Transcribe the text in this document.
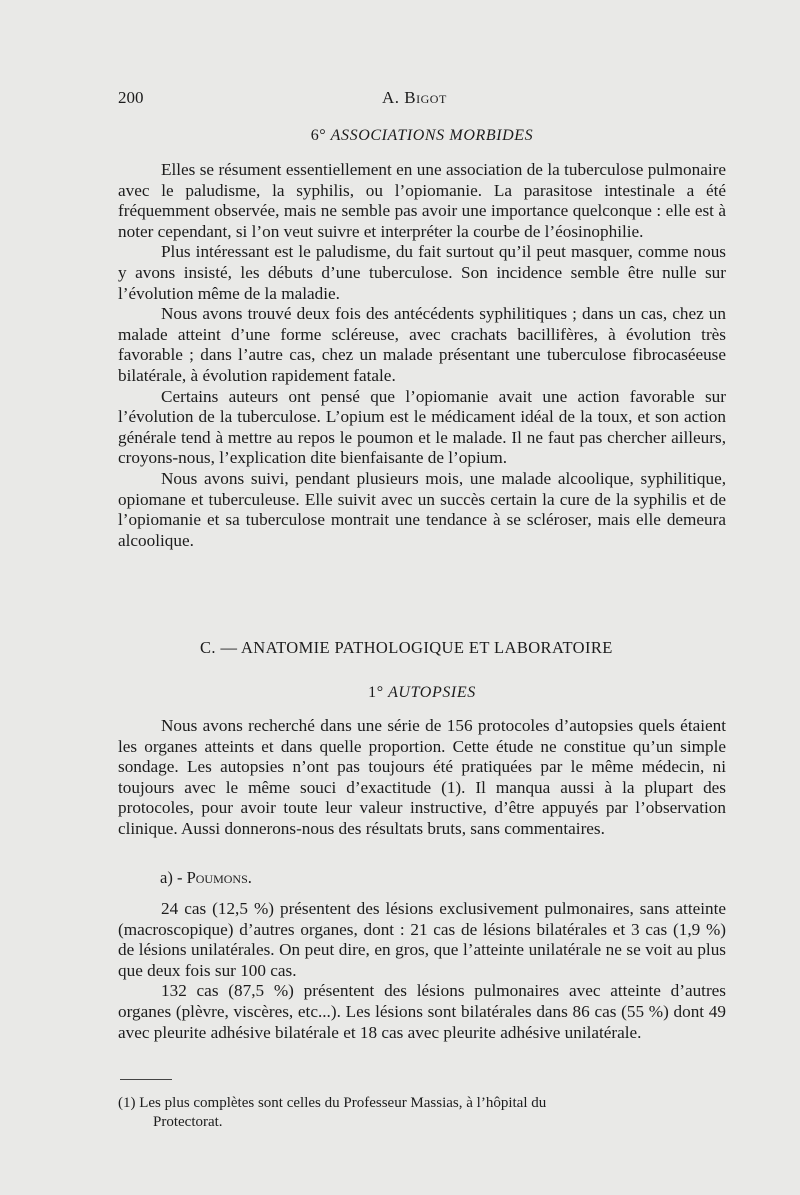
200	A. Bigot
6° ASSOCIATIONS MORBIDES

Elles se résument essentiellement en une association de la tuberculose pulmonaire avec le paludisme, la syphilis, ou l’opiomanie. La parasitose intestinale a été fréquemment observée, mais ne semble pas avoir une importance quelconque : elle est à noter cependant, si l’on veut suivre et interpréter la courbe de l’éosinophilie.

Plus intéressant est le paludisme, du fait surtout qu’il peut masquer, comme nous y avons insisté, les débuts d’une tuberculose. Son incidence semble être nulle sur l’évolution même de la maladie.

Nous avons trouvé deux fois des antécédents syphilitiques ; dans un cas, chez un malade atteint d’une forme scléreuse, avec crachats bacillifères, à évolution très favorable ; dans l’autre cas, chez un malade présentant une tuberculose fibrocaséeuse bilatérale, à évolution rapidement fatale.

Certains auteurs ont pensé que l’opiomanie avait une action favorable sur l’évolution de la tuberculose. L’opium est le médicament idéal de la toux, et son action générale tend à mettre au repos le poumon et le malade. Il ne faut pas chercher ailleurs, croyons-nous, l’explication dite bienfaisante de l’opium.

Nous avons suivi, pendant plusieurs mois, une malade alcoolique, syphilitique, opiomane et tuberculeuse. Elle suivit avec un succès certain la cure de la syphilis et de l’opiomanie et sa tuberculose montrait une tendance à se scléroser, mais elle demeura alcoolique.

C. — ANATOMIE PATHOLOGIQUE ET LABORATOIRE
1° AUTOPSIES

Nous avons recherché dans une série de 156 protocoles d’autopsies quels étaient les organes atteints et dans quelle proportion. Cette étude ne constitue qu’un simple sondage. Les autopsies n’ont pas toujours été pratiquées par le même médecin, ni toujours avec le même souci d’exactitude (1). Il manqua aussi à la plupart des protocoles, pour avoir toute leur valeur instructive, d’être appuyés par l’observation clinique. Aussi donnerons-nous des résultats bruts, sans commentaires.

a) - Poumons.

24 cas (12,5 %) présentent des lésions exclusivement pulmonaires, sans atteinte (macroscopique) d’autres organes, dont : 21 cas de lésions bilatérales et 3 cas (1,9 %) de lésions unilatérales. On peut dire, en gros, que l’atteinte unilatérale ne se voit au plus que deux fois sur 100 cas.

132 cas (87,5 %) présentent des lésions pulmonaires avec atteinte d’autres organes (plèvre, viscères, etc...). Les lésions sont bilatérales dans 86 cas (55 %) dont 49 avec pleurite adhésive bilatérale et 18 cas avec pleurite adhésive unilatérale.

(1) Les plus complètes sont celles du Professeur Massias, à l’hôpital du
Protectorat.
